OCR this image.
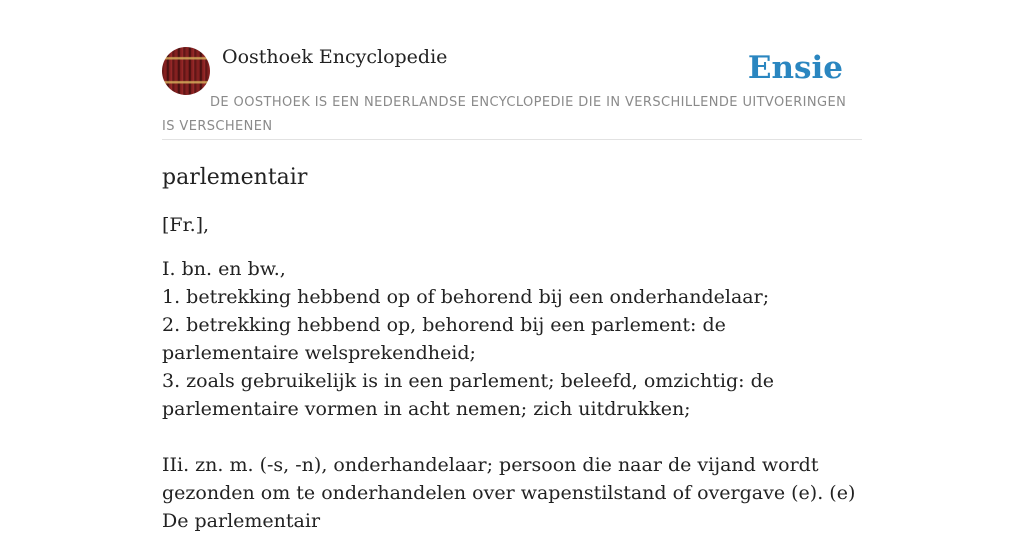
Oosthoek Encyclopedie	Ensie
DE OOSTHOEK IS EEN NEDERLANDSE ENCYCLOPEDIE DIE IN VERSCHILLENDE UITVOERINGEN IS VERSCHENEN
parlementair
[Fr.],

I. bn. en bw.,

1. betrekking hebbend op of behorend bij een onderhandelaar;

2. betrekking hebbend op, behorend bij een parlement: de parlementaire welsprekendheid;

3. zoals gebruikelijk is in een parlement; beleefd, omzichtig: de parlementaire vormen in acht nemen; zich uitdrukken;

IIi. zn. m. (-s, -n), onderhandelaar; persoon die naar de vijand wordt gezonden om te onderhandelen over wapenstilstand of overgave (e). (e) De parlementair
